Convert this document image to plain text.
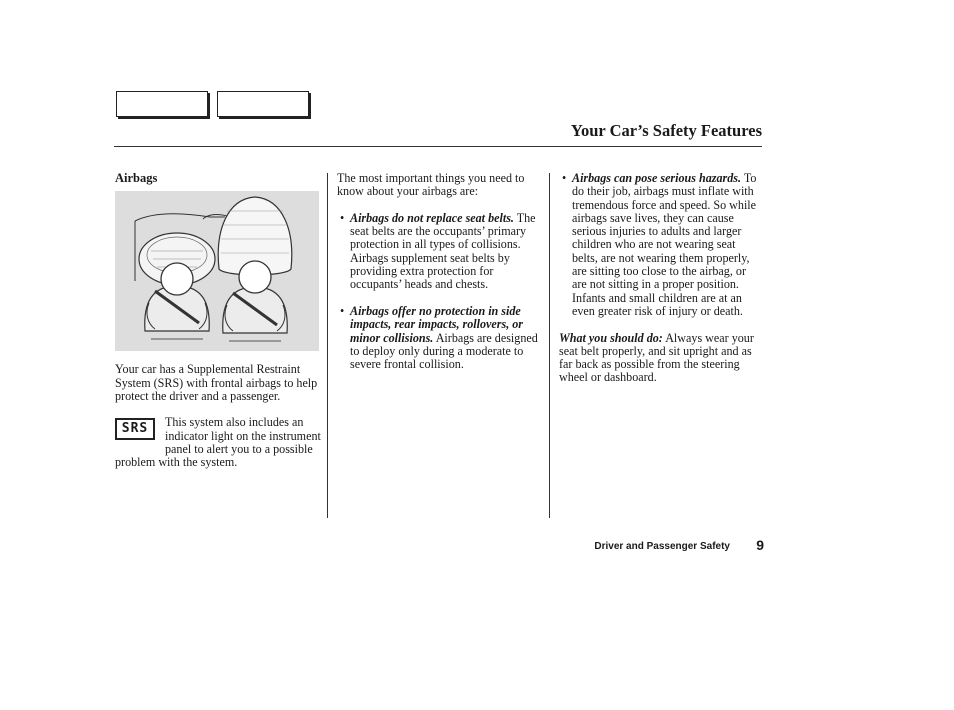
Your Car’s Safety Features
Airbags

Your car has a Supplemental Restraint System (SRS) with frontal airbags to help protect the driver and a passenger.

SRS	This system also includes an indicator light on the instrument panel to alert you to a possible problem with the system.

The most important things you need to know about your airbags are:

• Airbags do not replace seat belts. The seat belts are the occupants’ primary protection in all types of collisions. Airbags supplement seat belts by providing extra protection for occupants’ heads and chests.
• Airbags offer no protection in side impacts, rear impacts, rollovers, or minor collisions. Airbags are designed to deploy only during a moderate to severe frontal collision.
• Airbags can pose serious hazards. To do their job, airbags must inflate with tremendous force and speed. So while airbags save lives, they can cause serious injuries to adults and larger children who are not wearing seat belts, are not wearing them properly, are sitting too close to the airbag, or are not sitting in a proper position. Infants and small children are at an even greater risk of injury or death.

What you should do: Always wear your seat belt properly, and sit upright and as far back as possible from the steering wheel or dashboard.

Driver and Passenger Safety 9
